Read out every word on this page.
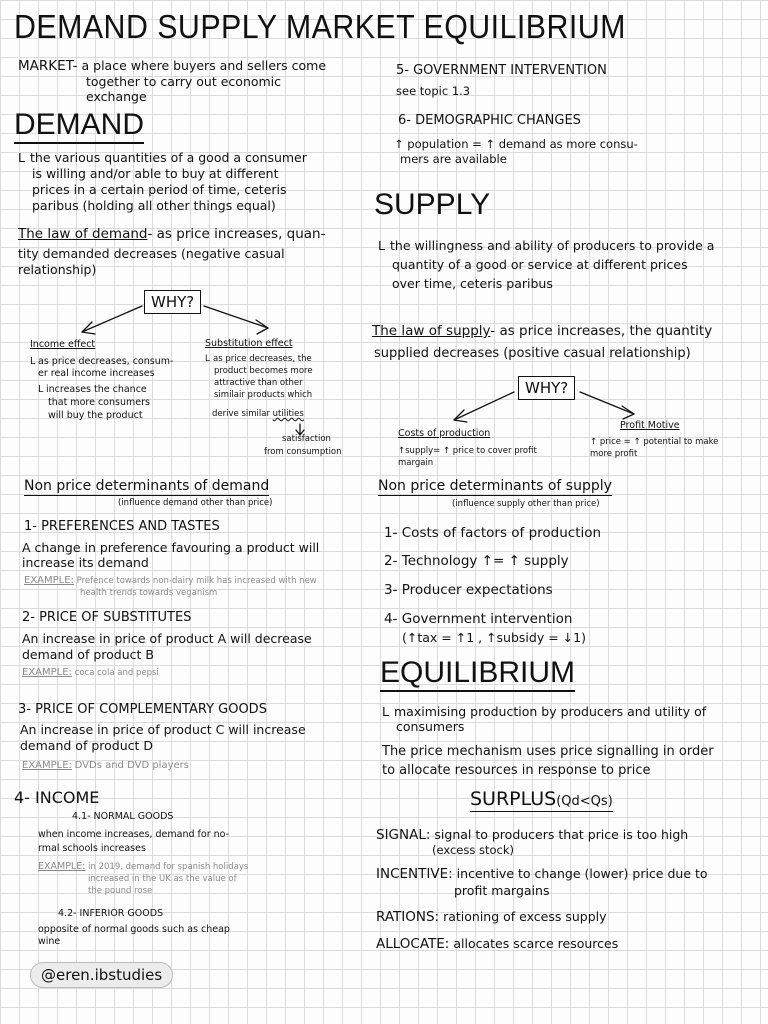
DEMAND SUPPLY MARKET EQUILIBRIUM
MARKET- a place where buyers and sellers come
together to carry out economic
exchange
DEMAND
L the various quantities of a good a consumer
is willing and/or able to buy at different
prices in a certain period of time, ceteris
paribus (holding all other things equal)
The law of demand- as price increases, quan-
tity demanded decreases (negative casual
relationship)
WHY?
Income effect
L as price decreases, consum-
er real income increases
L increases the chance
that more consumers
will buy the product
Substitution effect
L as price decreases, the
product becomes more
attractive than other
similair products which
derive similar utilities
satisfaction
from consumption
Non price determinants of demand
(influence demand other than price)
1- PREFERENCES AND TASTES
A change in preference favouring a product will
increase its demand
EXAMPLE: Prefence towards non-dairy milk has increased with new
health trends towards veganism
2- PRICE OF SUBSTITUTES
An increase in price of product A will decrease
demand of product B
EXAMPLE: coca cola and pepsi
3- PRICE OF COMPLEMENTARY GOODS
An increase in price of product C will increase
demand of product D
EXAMPLE: DVDs and DVD players
4- INCOME
4.1- NORMAL GOODS
when income increases, demand for no-
rmal schools increases
EXAMPLE: in 2019, demand for spanish holidays
increased in the UK as the value of
the pound rose
4.2- INFERIOR GOODS
opposite of normal goods such as cheap
wine
@eren.ibstudies
5- GOVERNMENT INTERVENTION
see topic 1.3
6- DEMOGRAPHIC CHANGES
↑ population = ↑ demand as more consu-
mers are available
SUPPLY
L the willingness and ability of producers to provide a
quantity of a good or service at different prices
over time, ceteris paribus
The law of supply- as price increases, the quantity
supplied decreases (positive casual relationship)
WHY?
Costs of production
↑supply= ↑ price to cover profit
margain
Profit Motive
↑ price = ↑ potential to make
more profit
Non price determinants of supply
(influence supply other than price)
1- Costs of factors of production
2- Technology ↑= ↑ supply
3- Producer expectations
4- Government intervention
(↑tax = ↑1 , ↑subsidy = ↓1)
EQUILIBRIUM
L maximising production by producers and utility of
consumers
The price mechanism uses price signalling in order
to allocate resources in response to price
SURPLUS(Qd<Qs)
SIGNAL: signal to producers that price is too high
(excess stock)
INCENTIVE: incentive to change (lower) price due to
profit margains
RATIONS: rationing of excess supply
ALLOCATE: allocates scarce resources
